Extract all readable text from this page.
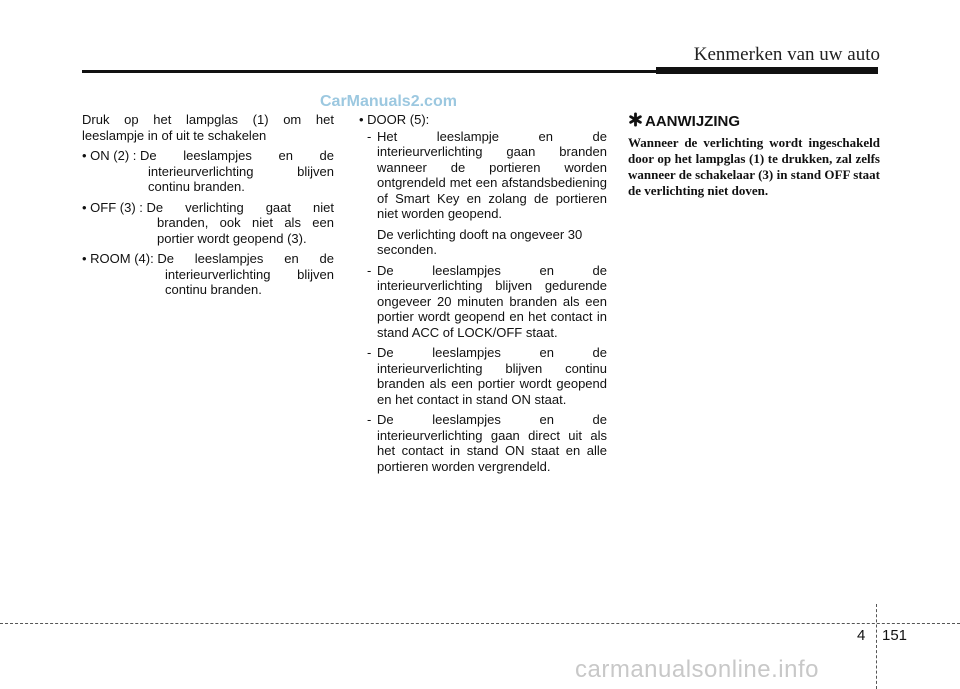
Kenmerken van uw auto
CarManuals2.com

Druk op het lampglas (1) om het
leeslampje in of uit te schakelen

• ON (2) : De leeslampjes en de
interieurverlichting blijven continu branden.
• OFF (3) : De verlichting gaat niet
branden, ook niet als een portier wordt geopend (3).
• ROOM (4): De leeslampjes en de
interieurverlichting blijven continu branden.

• DOOR (5):

- Het leeslampje en de interieurverlichting gaan branden wanneer de portieren worden ontgrendeld met een afstandsbediening of Smart Key en zolang de portieren niet worden geopend.

De verlichting dooft na ongeveer 30 seconden.

- De leeslampjes en de interieurverlichting blijven gedurende ongeveer 20 minuten branden als een portier wordt geopend en het contact in stand ACC of LOCK/OFF staat.
- De leeslampjes en de interieurverlichting blijven continu branden als een portier wordt geopend en het contact in stand ON staat.
- De leeslampjes en de interieurverlichting gaan direct uit als het contact in stand ON staat en alle portieren worden vergrendeld.

AANWIJZING

Wanneer de verlichting wordt ingeschakeld door op het lampglas (1) te drukken, zal zelfs wanneer de schakelaar (3) in stand OFF staat de verlichting niet doven.

4 151
carmanualsonline.info
